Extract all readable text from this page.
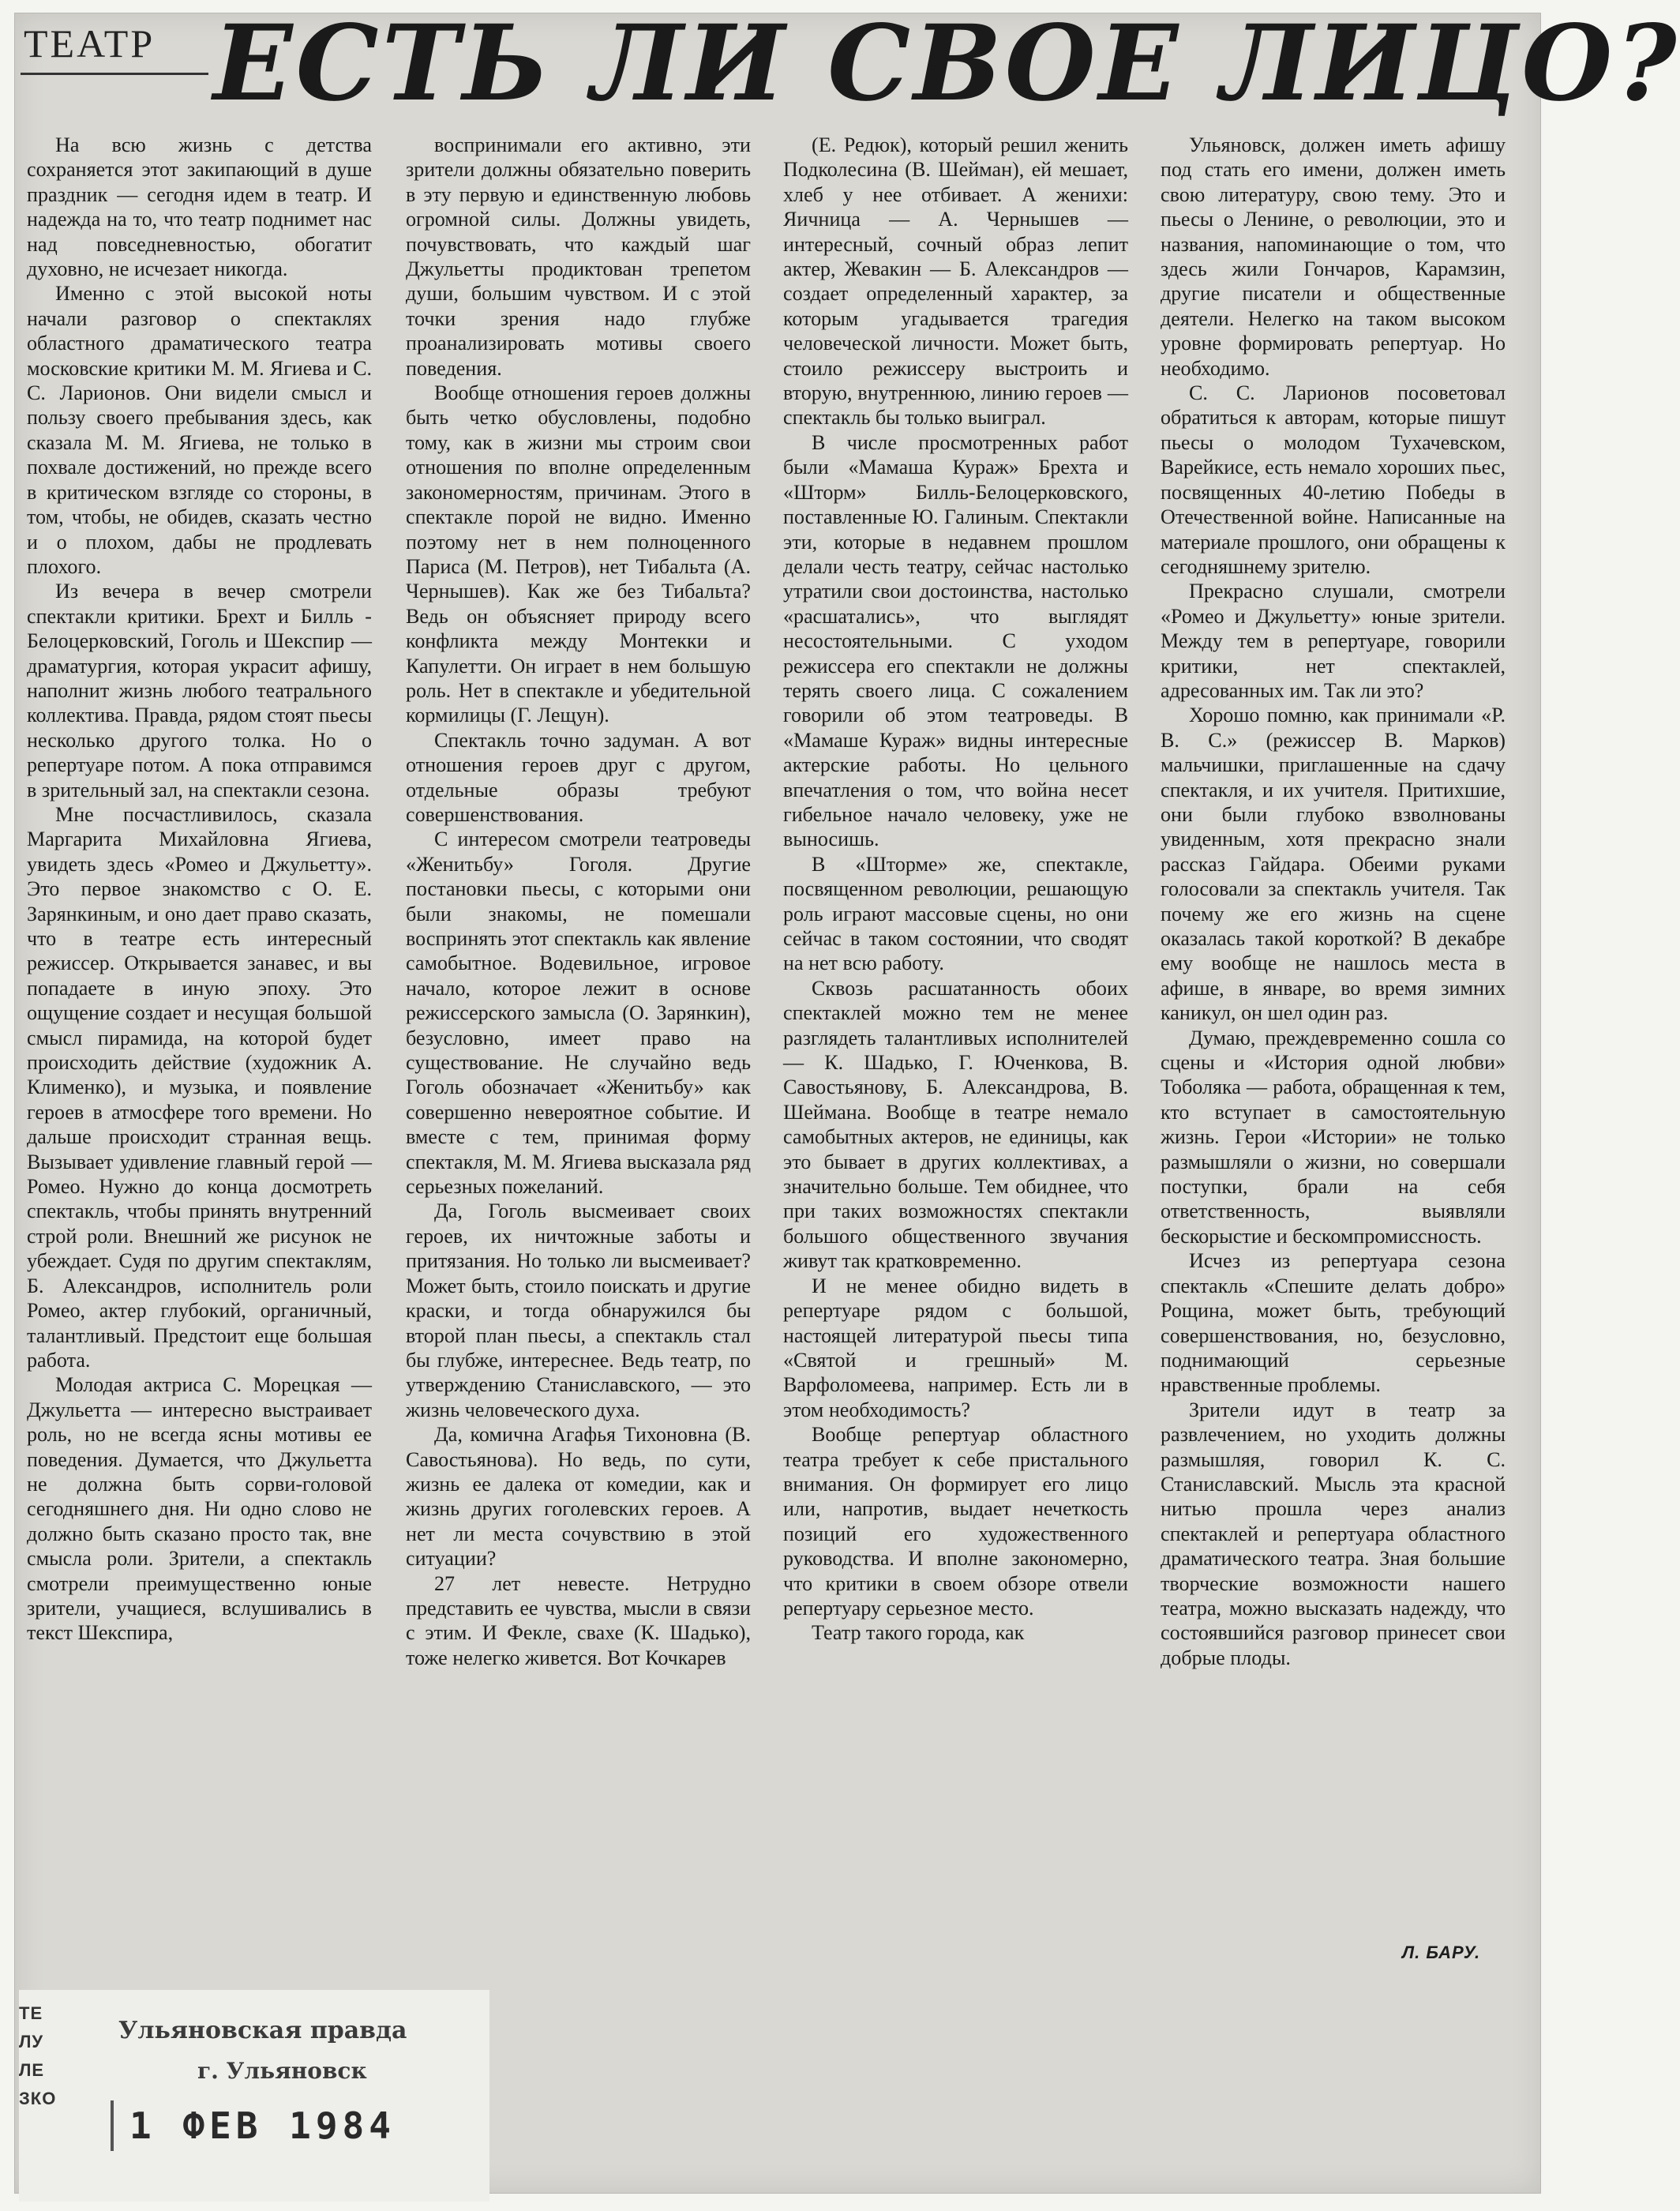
ТЕАТР ЕСТЬ ЛИ СВОЕ ЛИЦО?

На всю жизнь с детства сохраняется этот закипающий в душе праздник — сегодня идем в театр. И надежда на то, что театр поднимет нас над повседневностью, обогатит духовно, не исчезает никогда.

Именно с этой высокой ноты начали разговор о спектаклях областного драматического театра московские критики М. М. Ягиева и С. С. Ларионов. Они видели смысл и пользу своего пребывания здесь, как сказала М. М. Ягиева, не только в похвале достижений, но прежде всего в критическом взгляде со стороны, в том, чтобы, не обидев, сказать честно и о плохом, дабы не продлевать плохого.

Из вечера в вечер смотрели спектакли критики. Брехт и Билль - Белоцерковский, Гоголь и Шекспир — драматургия, которая украсит афишу, наполнит жизнь любого театрального коллектива. Правда, рядом стоят пьесы несколько другого толка. Но о репертуаре потом. А пока отправимся в зрительный зал, на спектакли сезона.

Мне посчастливилось, сказала Маргарита Михайловна Ягиева, увидеть здесь «Ромео и Джульетту». Это первое знакомство с О. Е. Зарянкиным, и оно дает право сказать, что в театре есть интересный режиссер. Открывается занавес, и вы попадаете в иную эпоху. Это ощущение создает и несущая большой смысл пирамида, на которой будет происходить действие (художник А. Клименко), и музыка, и появление героев в атмосфере того времени. Но дальше происходит странная вещь. Вызывает удивление главный герой — Ромео. Нужно до конца досмотреть спектакль, чтобы принять внутренний строй роли. Внешний же рисунок не убеждает. Судя по другим спектаклям, Б. Александров, исполнитель роли Ромео, актер глубокий, органичный, талантливый. Предстоит еще большая работа.

Молодая актриса С. Морецкая — Джульетта — интересно выстраивает роль, но не всегда ясны мотивы ее поведения. Думается, что Джульетта не должна быть сорви-головой сегодняшнего дня. Ни одно слово не должно быть сказано просто так, вне смысла роли. Зрители, а спектакль смотрели преимущественно юные зрители, учащиеся, вслушивались в текст Шекспира,

воспринимали его активно, эти зрители должны обязательно поверить в эту первую и единственную любовь огромной силы. Должны увидеть, почувствовать, что каждый шаг Джульетты продиктован трепетом души, большим чувством. И с этой точки зрения надо глубже проанализировать мотивы своего поведения.

Вообще отношения героев должны быть четко обусловлены, подобно тому, как в жизни мы строим свои отношения по вполне определенным закономерностям, причинам. Этого в спектакле порой не видно. Именно поэтому нет в нем полноценного Париса (М. Петров), нет Тибальта (А. Чернышев). Как же без Тибальта? Ведь он объясняет природу всего конфликта между Монтекки и Капулетти. Он играет в нем большую роль. Нет в спектакле и убедительной кормилицы (Г. Лещун).

Спектакль точно задуман. А вот отношения героев друг с другом, отдельные образы требуют совершенствования.

С интересом смотрели театроведы «Женитьбу» Гоголя. Другие постановки пьесы, с которыми они были знакомы, не помешали воспринять этот спектакль как явление самобытное. Водевильное, игровое начало, которое лежит в основе режиссерского замысла (О. Зарянкин), безусловно, имеет право на существование. Не случайно ведь Гоголь обозначает «Женитьбу» как совершенно невероятное событие. И вместе с тем, принимая форму спектакля, М. М. Ягиева высказала ряд серьезных пожеланий.

Да, Гоголь высмеивает своих героев, их ничтожные заботы и притязания. Но только ли высмеивает? Может быть, стоило поискать и другие краски, и тогда обнаружился бы второй план пьесы, а спектакль стал бы глубже, интереснее. Ведь театр, по утверждению Станиславского, — это жизнь человеческого духа.

Да, комична Агафья Тихоновна (В. Савостьянова). Но ведь, по сути, жизнь ее далека от комедии, как и жизнь других гоголевских героев. А нет ли места сочувствию в этой ситуации?

27 лет невесте. Нетрудно представить ее чувства, мысли в связи с этим. И Фекле, свахе (К. Шадько), тоже нелегко живется. Вот Кочкарев

(Е. Редюк), который решил женить Подколесина (В. Шейман), ей мешает, хлеб у нее отбивает. А женихи: Яичница — А. Чернышев — интересный, сочный образ лепит актер, Жевакин — Б. Александров — создает определенный характер, за которым угадывается трагедия человеческой личности. Может быть, стоило режиссеру выстроить и вторую, внутреннюю, линию героев — спектакль бы только выиграл.

В числе просмотренных работ были «Мамаша Кураж» Брехта и «Шторм» Билль-Белоцерковского, поставленные Ю. Галиным. Спектакли эти, которые в недавнем прошлом делали честь театру, сейчас настолько утратили свои достоинства, настолько «расшатались», что выглядят несостоятельными. С уходом режиссера его спектакли не должны терять своего лица. С сожалением говорили об этом театроведы. В «Мамаше Кураж» видны интересные актерские работы. Но цельного впечатления о том, что война несет гибельное начало человеку, уже не выносишь.

В «Шторме» же, спектакле, посвященном революции, решающую роль играют массовые сцены, но они сейчас в таком состоянии, что сводят на нет всю работу.

Сквозь расшатанность обоих спектаклей можно тем не менее разглядеть талантливых исполнителей — К. Шадько, Г. Юченкова, В. Савостьянову, Б. Александрова, В. Шеймана. Вообще в театре немало самобытных актеров, не единицы, как это бывает в других коллективах, а значительно больше. Тем обиднее, что при таких возможностях спектакли большого общественного звучания живут так кратковременно.

И не менее обидно видеть в репертуаре рядом с большой, настоящей литературой пьесы типа «Святой и грешный» М. Варфоломеева, например. Есть ли в этом необходимость?

Вообще репертуар областного театра требует к себе пристального внимания. Он формирует его лицо или, напротив, выдает нечеткость позиций его художественного руководства. И вполне закономерно, что критики в своем обзоре отвели репертуару серьезное место.

Театр такого города, как

Ульяновск, должен иметь афишу под стать его имени, должен иметь свою литературу, свою тему. Это и пьесы о Ленине, о революции, это и названия, напоминающие о том, что здесь жили Гончаров, Карамзин, другие писатели и общественные деятели. Нелегко на таком высоком уровне формировать репертуар. Но необходимо.

С. С. Ларионов посоветовал обратиться к авторам, которые пишут пьесы о молодом Тухачевском, Варейкисе, есть немало хороших пьес, посвященных 40-летию Победы в Отечественной войне. Написанные на материале прошлого, они обращены к сегодняшнему зрителю.

Прекрасно слушали, смотрели «Ромео и Джульетту» юные зрители. Между тем в репертуаре, говорили критики, нет спектаклей, адресованных им. Так ли это?

Хорошо помню, как принимали «Р. В. С.» (режиссер В. Марков) мальчишки, приглашенные на сдачу спектакля, и их учителя. Притихшие, они были глубоко взволнованы увиденным, хотя прекрасно знали рассказ Гайдара. Обеими руками голосовали за спектакль учителя. Так почему же его жизнь на сцене оказалась такой короткой? В декабре ему вообще не нашлось места в афише, в январе, во время зимних каникул, он шел один раз.

Думаю, преждевременно сошла со сцены и «История одной любви» Тоболяка — работа, обращенная к тем, кто вступает в самостоятельную жизнь. Герои «Истории» не только размышляли о жизни, но совершали поступки, брали на себя ответственность, выявляли бескорыстие и бескомпромиссность.

Исчез из репертуара сезона спектакль «Спешите делать добро» Рощина, может быть, требующий совершенствования, но, безусловно, поднимающий серьезные нравственные проблемы.

Зрители идут в театр за развлечением, но уходить должны размышляя, говорил К. С. Станиславский. Мысль эта красной нитью прошла через анализ спектаклей и репертуара областного драматического театра. Зная большие творческие возможности нашего театра, можно высказать надежду, что состоявшийся разговор принесет свои добрые плоды.

Л. БАРУ.
ТЕ
ЛУ
ЛЕ
ЗКО
Ульяновская правда
г. Ульяновск
1 ФЕВ 1984
